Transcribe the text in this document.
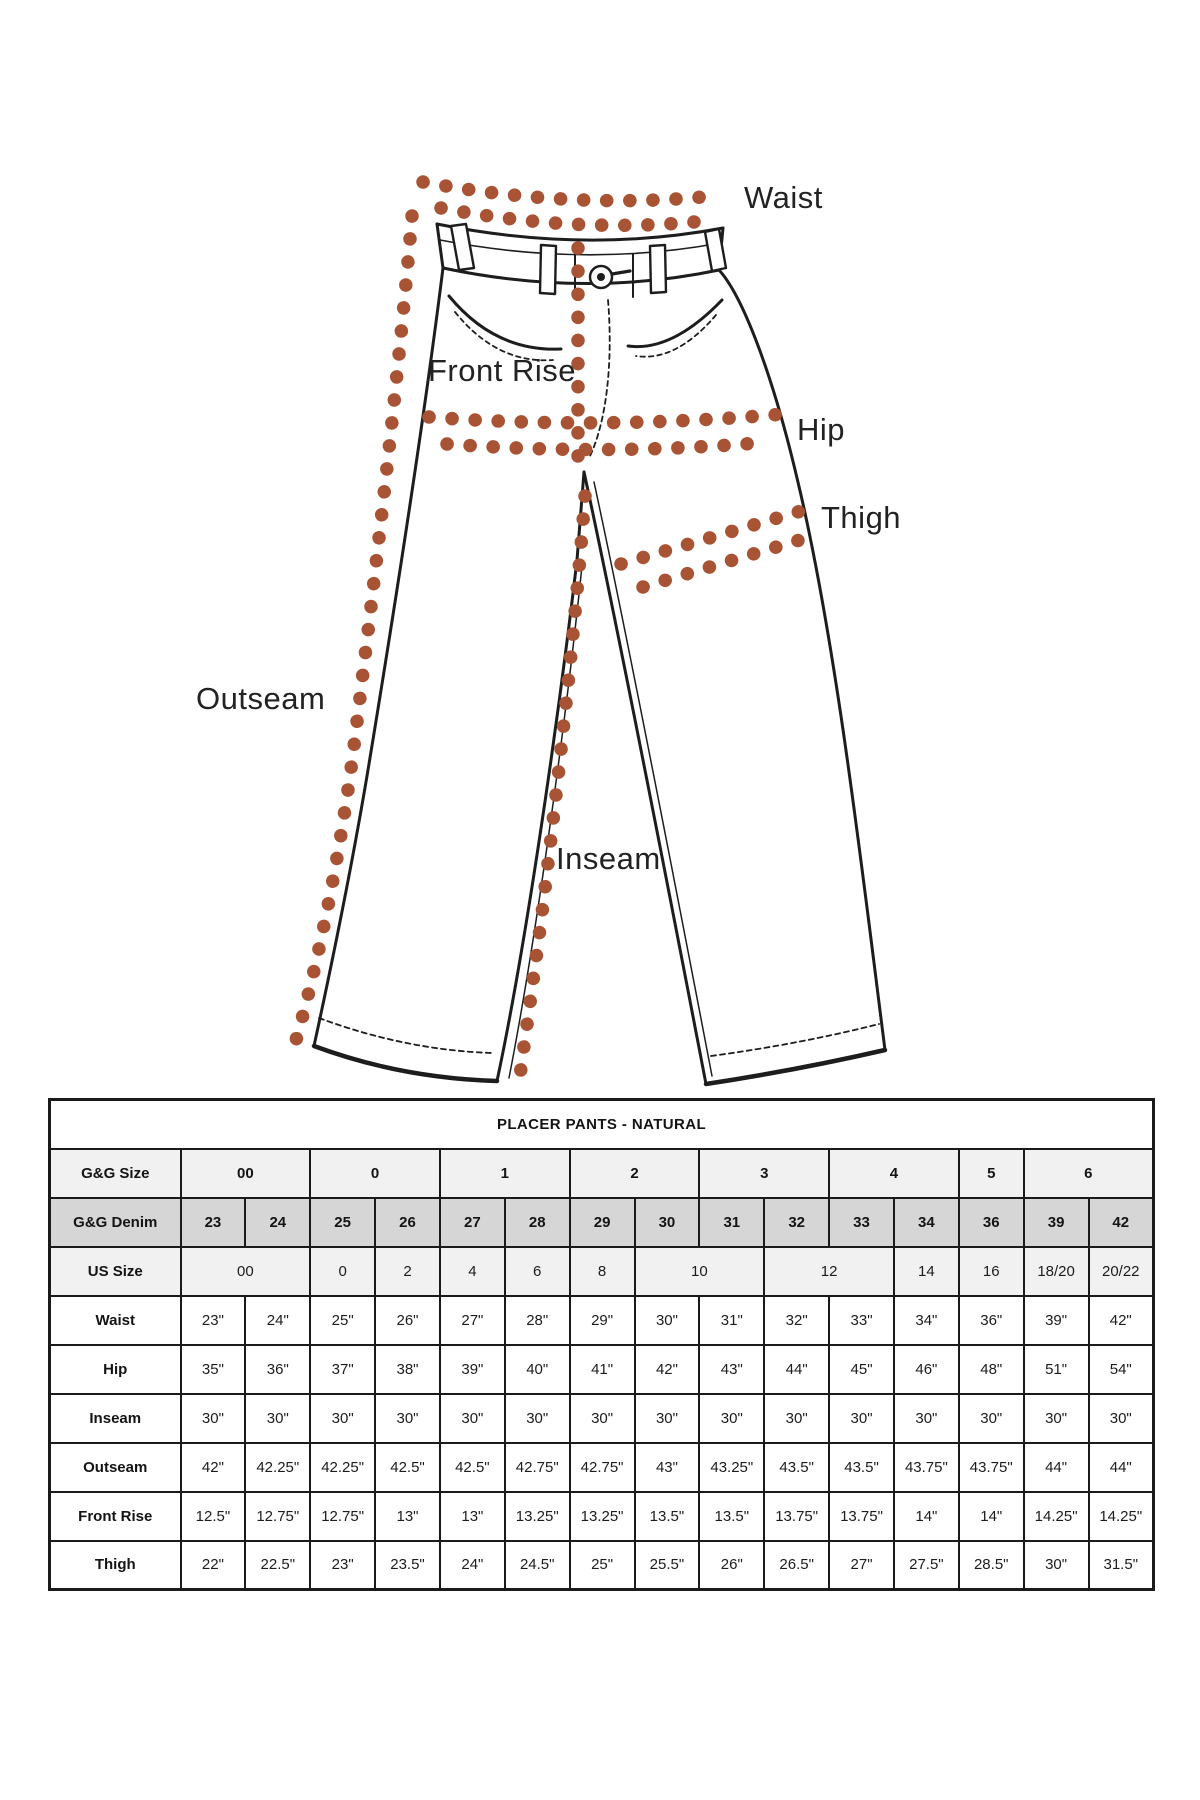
Waist
Front Rise
Hip
Thigh
Outseam
Inseam
PLACER PANTS - NATURAL															
G&G Size	00		0		1		2		3		4		5	6	
G&G Denim	23	24	25	26	27	28	29	30	31	32	33	34	36	39	42
US Size	00		0	2	4	6	8	10		12		14	16	18/20	20/22
Waist	23"	24"	25"	26"	27"	28"	29"	30"	31"	32"	33"	34"	36"	39"	42"
Hip	35"	36"	37"	38"	39"	40"	41"	42"	43"	44"	45"	46"	48"	51"	54"
Inseam	30"	30"	30"	30"	30"	30"	30"	30"	30"	30"	30"	30"	30"	30"	30"
Outseam	42"	42.25"	42.25"	42.5"	42.5"	42.75"	42.75"	43"	43.25"	43.5"	43.5"	43.75"	43.75"	44"	44"
Front Rise	12.5"	12.75"	12.75"	13"	13"	13.25"	13.25"	13.5"	13.5"	13.75"	13.75"	14"	14"	14.25"	14.25"
Thigh	22"	22.5"	23"	23.5"	24"	24.5"	25"	25.5"	26"	26.5"	27"	27.5"	28.5"	30"	31.5"
